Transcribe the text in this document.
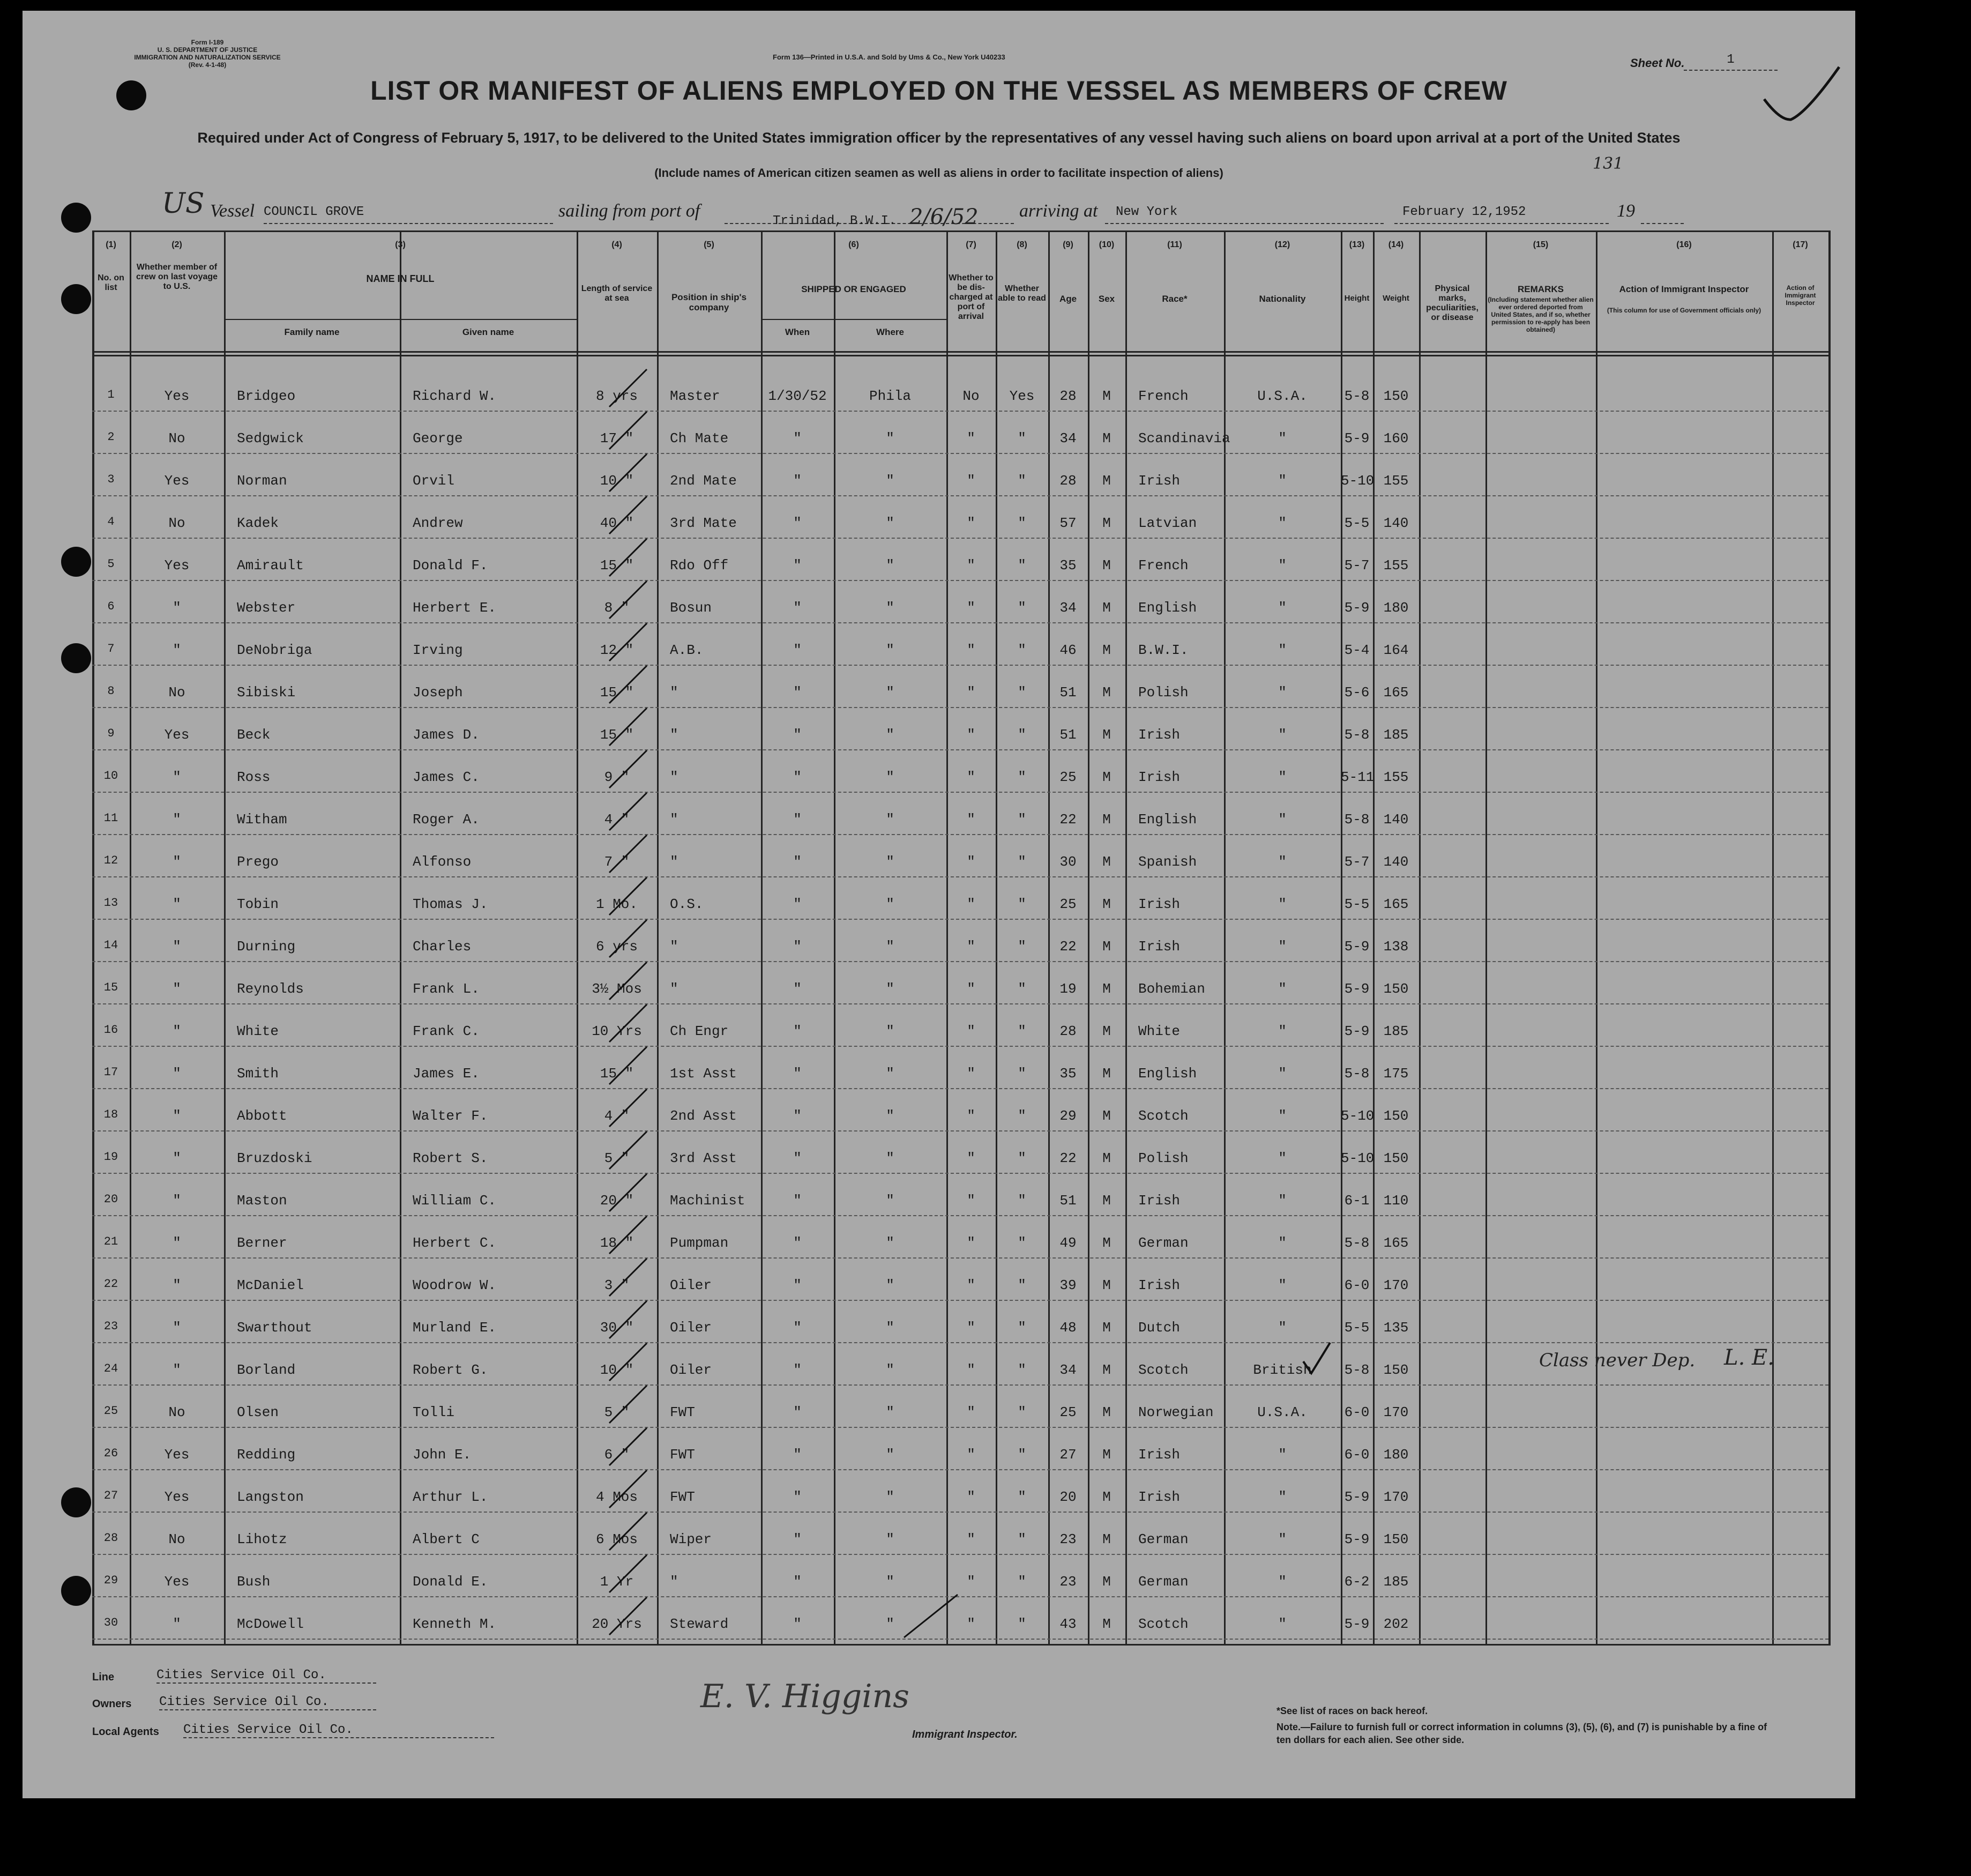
Form I-189
U. S. DEPARTMENT OF JUSTICE
IMMIGRATION AND NATURALIZATION SERVICE
(Rev. 4-1-48)
Form 136—Printed in U.S.A. and Sold by Ums & Co., New York U40233	Sheet No.	1
LIST OR MANIFEST OF ALIENS EMPLOYED ON THE VESSEL AS MEMBERS OF CREW
Required under Act of Congress of February 5, 1917, to be delivered to the United States immigration officer by the representatives of any vessel having such aliens on board upon arrival at a port of the United States
(Include names of American citizen seamen as well as aliens in order to facilitate inspection of aliens)	131
US Vessel COUNCIL GROVE	sailing from port of
Trinidad, B.W.I. 2/6/52	arriving at	New York	February 12,1952	19
(1)	(2)	(3)	(4)	(5)	(6)	(7)	(8)	(9)	(10)	(11)	(12)	(13)	(14)	(15)	(16)	(17)
No. on list
Whether member of crew on last voyage to U.S.
NAME IN FULL
Family name	Given name
Length of service at sea	Position in ship's company
SHIPPED OR ENGAGED
When	Where
Whether to be dis-charged at port of arrival
Whether able to read	Age	Sex	Race*	Nationality	Height	Weight
Physical marks, peculiarities, or disease
REMARKS
(Including statement whether alien ever ordered deported from United States, and if so, whether permission to re-apply has been obtained)
Action of Immigrant Inspector
(This column for use of Government officials only)
Action of Immigrant Inspector
1	Yes	Bridgeo	Richard W.	8 yrs	Master	1/30/52	Phila	No	Yes	28	M	French	U.S.A.	5-8	150
2	No	Sedgwick	George	17 "	Ch Mate	"	"	"	"	34	M	Scandinavia	"	5-9	160
3	Yes	Norman	Orvil	10 "	2nd Mate	"	"	"	"	28	M	Irish	"	5-10 155
4	No	Kadek	Andrew	40 "	3rd Mate	"	"	"	"	57	M	Latvian	"	5-5	140
5	Yes	Amirault	Donald F.	15 "	Rdo Off	"	"	"	"	35	M	French	"	5-7	155
6	"	Webster	Herbert E.	8 "	Bosun	"	"	"	"	34	M	English	"	5-9	180
7	"	DeNobriga	Irving	12 "	A.B.	"	"	"	"	46	M	B.W.I.	"	5-4	164
8	No	Sibiski	Joseph	15 "	"	"	"	"	"	51	M	Polish	"	5-6	165
9	Yes	Beck	James D.	15 "	"	"	"	"	"	51	M	Irish	"	5-8	185
10	"	Ross	James C.	9 "	"	"	"	"	"	25	M	Irish	"	5-11 155
11	"	Witham	Roger A.	4 "	"	"	"	"	"	22	M	English	"	5-8	140
12	"	Prego	Alfonso	7 "	"	"	"	"	"	30	M	Spanish	"	5-7	140
13	"	Tobin	Thomas J.	1 Mo.	O.S.	"	"	"	"	25	M	Irish	"	5-5	165
14	"	Durning	Charles	6 yrs	"	"	"	"	"	22	M	Irish	"	5-9	138
15	"	Reynolds	Frank L.	3½ Mos	"	"	"	"	"	19	M	Bohemian	"	5-9	150
16	"	White	Frank C.	10 Yrs	Ch Engr	"	"	"	"	28	M	White	"	5-9	185
17	"	Smith	James E.	15 "	1st Asst	"	"	"	"	35	M	English	"	5-8	175
18	"	Abbott	Walter F.	4 "	2nd Asst	"	"	"	"	29	M	Scotch	"	5-10 150
19	"	Bruzdoski	Robert S.	5 "	3rd Asst	"	"	"	"	22	M	Polish	"	5-10 150
20	"	Maston	William C.	20 "	Machinist	"	"	"	"	51	M	Irish	"	6-1	110
21	"	Berner	Herbert C.	18 "	Pumpman	"	"	"	"	49	M	German	"	5-8	165
22	"	McDaniel	Woodrow W.	3 "	Oiler	"	"	"	"	39	M	Irish	"	6-0	170
23	"	Swarthout	Murland E.	30 "	Oiler	"	"	"	"	48	M	Dutch	"	5-5	135
24	"	Borland	Robert G.	10 "	Oiler	"	"	"	"	34	M	Scotch	British	5-8	150
25	No	Olsen	Tolli	5 "	FWT	"	"	"	"	25	M	Norwegian	U.S.A.	6-0	170
26	Yes	Redding	John E.	6 "	FWT	"	"	"	"	27	M	Irish	"	6-0	180
27	Yes	Langston	Arthur L.	4 Mos	FWT	"	"	"	"	20	M	Irish	"	5-9	170
28	No	Lihotz	Albert C	6 Mos	Wiper	"	"	"	"	23	M	German	"	5-9	150
29	Yes	Bush	Donald E.	1 Yr	"	"	"	"	"	23	M	German	"	6-2	185
30	"	McDowell	Kenneth M.	20 Yrs	Steward	"	"	"	"	43	M	Scotch	"	5-9	202
Class never Dep. L. E.
Line	Cities Service Oil Co.
Owners Cities Service Oil Co.
Local Agents Cities Service Oil Co.
E. V. Higgins
Immigrant Inspector.
*See list of races on back hereof.
Note.—Failure to furnish full or correct information in columns (3), (5), (6), and (7) is punishable by a fine of ten dollars for each alien. See other side.
